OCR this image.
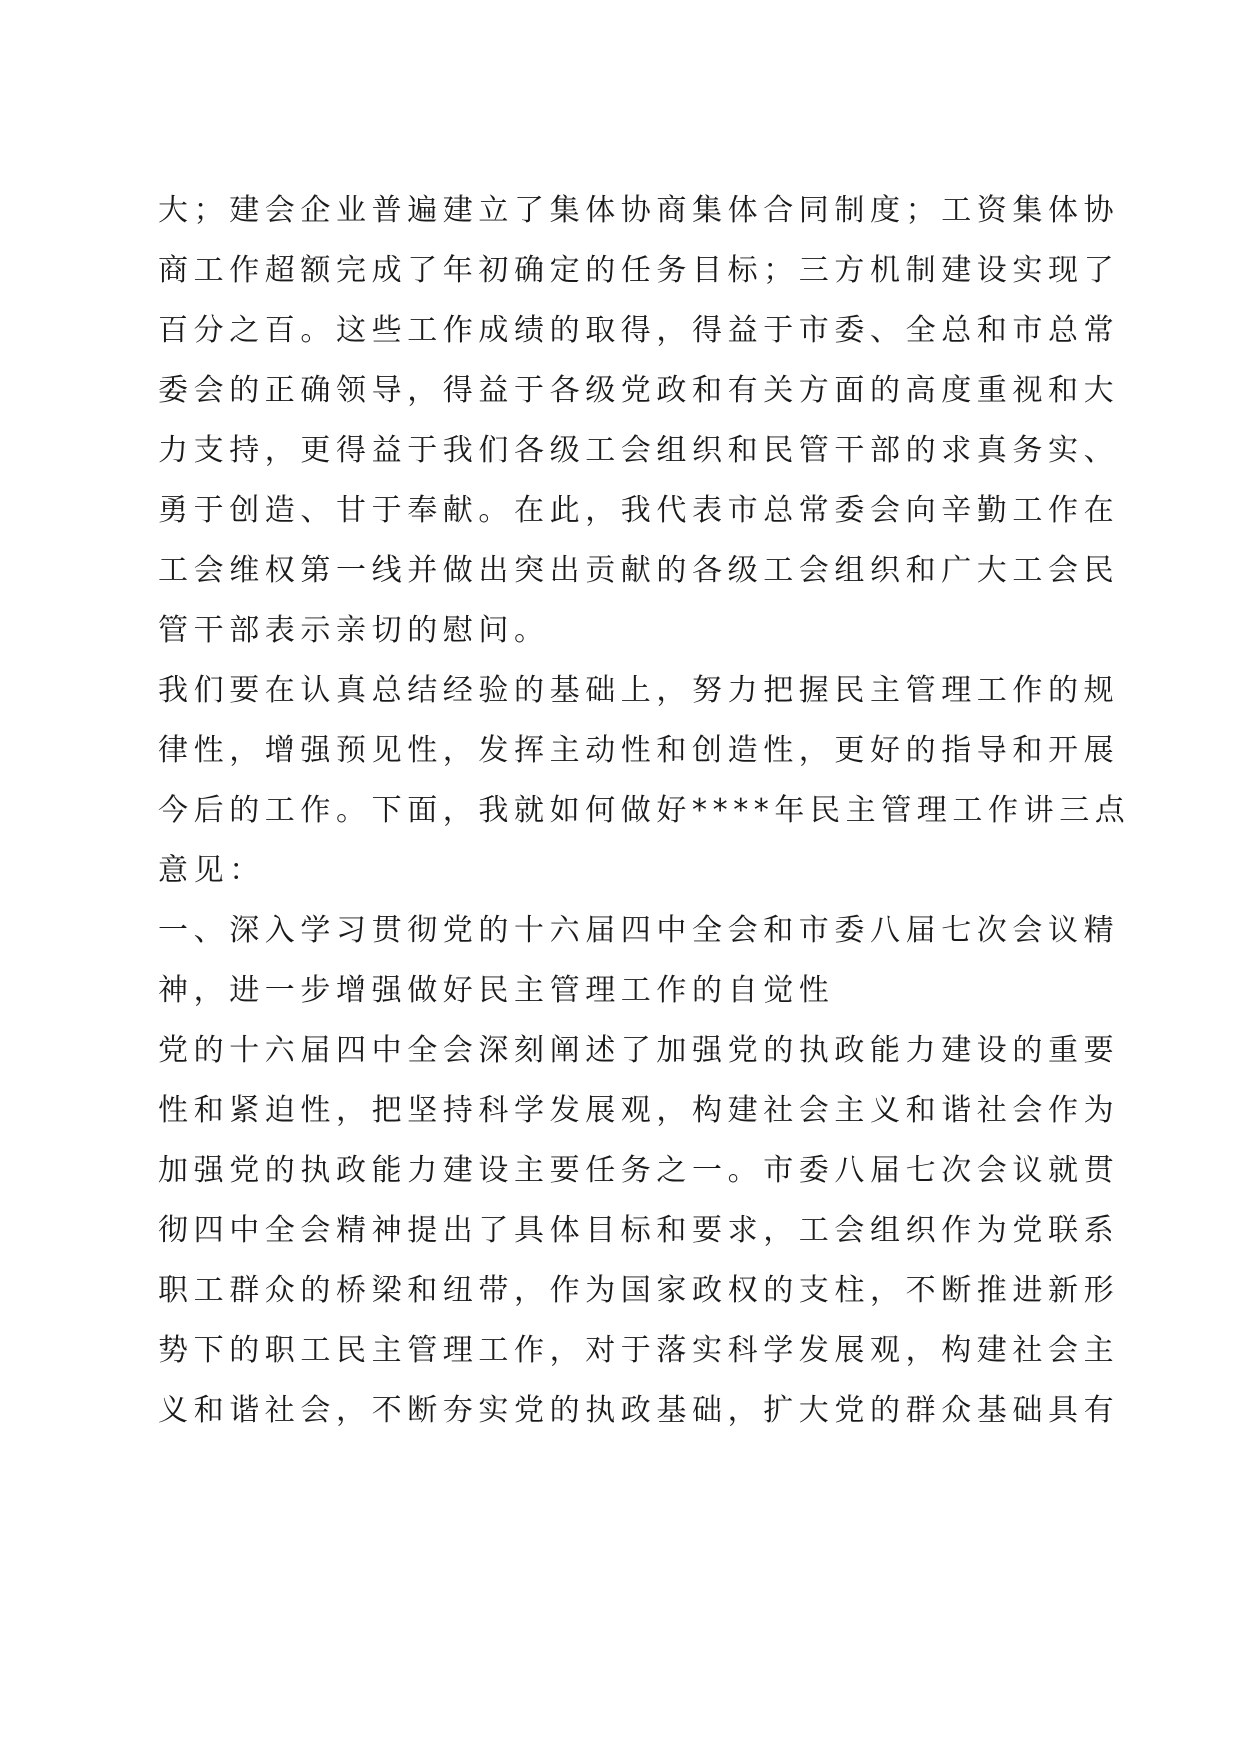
大；建会企业普遍建立了集体协商集体合同制度；工资集体协

商工作超额完成了年初确定的任务目标；三方机制建设实现了

百分之百。这些工作成绩的取得，得益于市委、全总和市总常

委会的正确领导，得益于各级党政和有关方面的高度重视和大

力支持，更得益于我们各级工会组织和民管干部的求真务实、

勇于创造、甘于奉献。在此，我代表市总常委会向辛勤工作在

工会维权第一线并做出突出贡献的各级工会组织和广大工会民

管干部表示亲切的慰问。

我们要在认真总结经验的基础上，努力把握民主管理工作的规

律性，增强预见性，发挥主动性和创造性，更好的指导和开展

今后的工作。下面，我就如何做好****年民主管理工作讲三点

意见：

一、深入学习贯彻党的十六届四中全会和市委八届七次会议精

神，进一步增强做好民主管理工作的自觉性

党的十六届四中全会深刻阐述了加强党的执政能力建设的重要

性和紧迫性，把坚持科学发展观，构建社会主义和谐社会作为

加强党的执政能力建设主要任务之一。市委八届七次会议就贯

彻四中全会精神提出了具体目标和要求，工会组织作为党联系

职工群众的桥梁和纽带，作为国家政权的支柱，不断推进新形

势下的职工民主管理工作，对于落实科学发展观，构建社会主

义和谐社会，不断夯实党的执政基础，扩大党的群众基础具有
